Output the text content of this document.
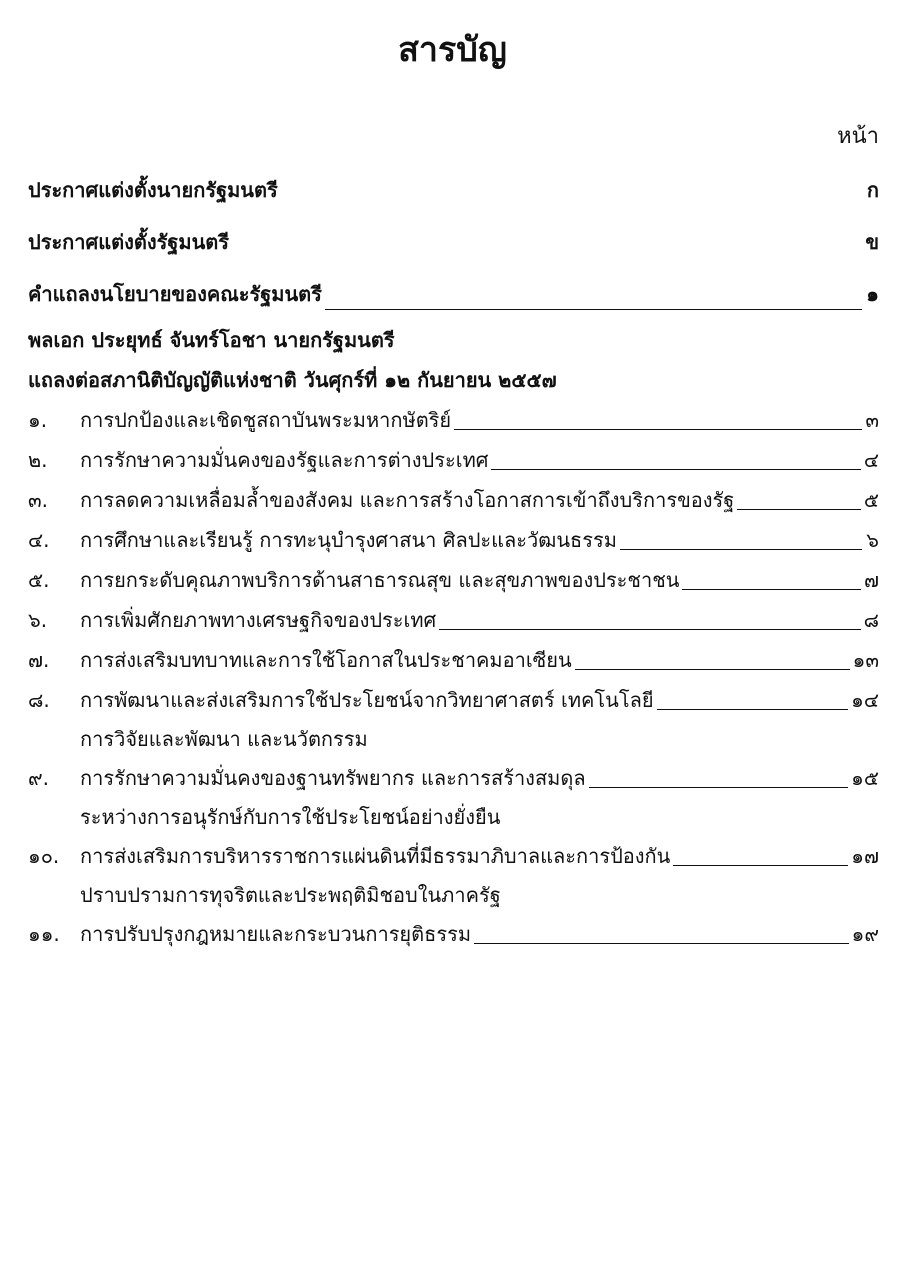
สารบัญ
หน้า
ประกาศแต่งตั้งนายกรัฐมนตรี	ก
ประกาศแต่งตั้งรัฐมนตรี	ข
คำแถลงนโยบายของคณะรัฐมนตรี	๑
พลเอก ประยุทธ์ จันทร์โอชา นายกรัฐมนตรี
แถลงต่อสภานิติบัญญัติแห่งชาติ วันศุกร์ที่ ๑๒ กันยายน ๒๕๕๗
๑.	การปกป้องและเชิดชูสถาบันพระมหากษัตริย์	๓
๒.	การรักษาความมั่นคงของรัฐและการต่างประเทศ	๔
๓.	การลดความเหลื่อมล้ำของสังคม และการสร้างโอกาสการเข้าถึงบริการของรัฐ	๕
๔.	การศึกษาและเรียนรู้ การทะนุบำรุงศาสนา ศิลปะและวัฒนธรรม	๖
๕.	การยกระดับคุณภาพบริการด้านสาธารณสุข และสุขภาพของประชาชน	๗
๖.	การเพิ่มศักยภาพทางเศรษฐกิจของประเทศ	๘
๗.	การส่งเสริมบทบาทและการใช้โอกาสในประชาคมอาเซียน	๑๓
๘.	การพัฒนาและส่งเสริมการใช้ประโยชน์จากวิทยาศาสตร์ เทคโนโลยี	๑๔
การวิจัยและพัฒนา และนวัตกรรม
๙.	การรักษาความมั่นคงของฐานทรัพยากร และการสร้างสมดุล	๑๕
ระหว่างการอนุรักษ์กับการใช้ประโยชน์อย่างยั่งยืน
๑๐.	การส่งเสริมการบริหารราชการแผ่นดินที่มีธรรมาภิบาลและการป้องกัน	๑๗
ปราบปรามการทุจริตและประพฤติมิชอบในภาครัฐ
๑๑.	การปรับปรุงกฎหมายและกระบวนการยุติธรรม	๑๙
